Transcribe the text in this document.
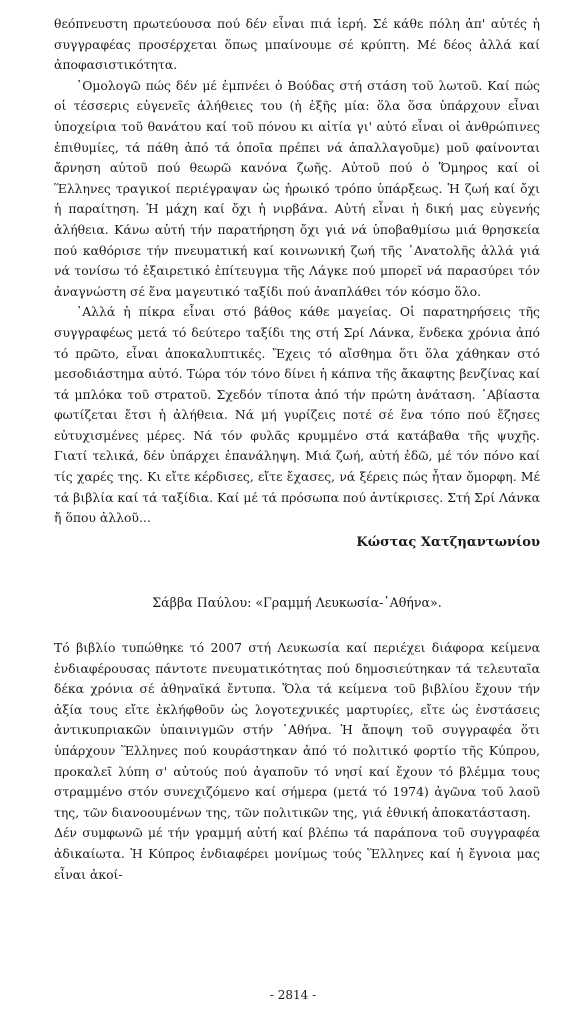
θεόπνευστη πρωτεύουσα πού δέν εἶναι πιά ἱερή. Σέ κάθε πόλη ἀπ' αὐτές ἡ συγγραφέας προσέρχεται ὅπως μπαίνουμε σέ κρύπτη. Μέ δέος ἀλλά καί ἀποφασιστικότητα.

᾿Ομολογῶ πώς δέν μέ ἐμπνέει ὁ Βούδας στή στάση τοῦ λωτοῦ. Καί πώς οἱ τέσσερις εὐγενεῖς ἀλήθειες του (ἡ ἑξῆς μία: ὅλα ὅσα ὑπάρχουν εἶναι ὑποχείρια τοῦ θανάτου καί τοῦ πόνου κι αἰτία γι' αὐτό εἶναι οἱ ἀνθρώπινες ἐπιθυμίες, τά πάθη ἀπό τά ὁποῖα πρέπει νά ἀπαλλαγοῦμε) μοῦ φαίνονται ἄρνηση αὐτοῦ πού θεωρῶ κανόνα ζωῆς. Αὐτοῦ πού ὁ Ὅμηρος καί οἱ Ἕλληνες τραγικοί περιέγραψαν ὡς ἡρωικό τρόπο ὑπάρξεως. Ἡ ζωή καί ὄχι ἡ παραίτηση. Ἡ μάχη καί ὄχι ἡ νιρβάνα. Αὐτή εἶναι ἡ δική μας εὐγενής ἀλήθεια. Κάνω αὐτή τήν παρατήρηση ὄχι γιά νά ὑποβαθμίσω μιά θρησκεία πού καθόρισε τήν πνευματική καί κοινωνική ζωή τῆς ᾿Ανατολῆς ἀλλά γιά νά τονίσω τό ἐξαιρετικό ἐπίτευγμα τῆς Λάγκε πού μπορεῖ νά παρασύρει τόν ἀναγνώστη σέ ἕνα μαγευτικό ταξίδι πού ἀναπλάθει τόν κόσμο ὅλο.

᾿Αλλά ἡ πίκρα εἶναι στό βάθος κάθε μαγείας. Οἱ παρατηρήσεις τῆς συγγραφέως μετά τό δεύτερο ταξίδι της στή Σρί Λάνκα, ἕνδεκα χρόνια ἀπό τό πρῶτο, εἶναι ἀποκαλυπτικές. Ἔχεις τό αἴσθημα ὅτι ὅλα χάθηκαν στό μεσοδιάστημα αὐτό. Τώρα τόν τόνο δίνει ἡ κάπνα τῆς ἄκαφτης βενζίνας καί τά μπλόκα τοῦ στρατοῦ. Σχεδόν τίποτα ἀπό τήν πρώτη ἀνάταση. ᾿Αβίαστα φωτίζεται ἔτσι ἡ ἀλήθεια. Νά μή γυρίζεις ποτέ σέ ἕνα τόπο πού ἔζησες εὐτυχισμένες μέρες. Νά τόν φυλᾶς κρυμμένο στά κατάβαθα τῆς ψυχῆς. Γιατί τελικά, δέν ὑπάρχει ἐπανάληψη. Μιά ζωή, αὐτή ἐδῶ, μέ τόν πόνο καί τίς χαρές της. Κι εἴτε κέρδισες, εἴτε ἔχασες, νά ξέρεις πώς ἦταν ὄμορφη. Μέ τά βιβλία καί τά ταξίδια. Καί μέ τά πρόσωπα πού ἀντίκρισες. Στή Σρί Λάνκα ἤ ὅπου ἀλλοῦ...

Κώστας Χατζηαντωνίου

Σάββα Παύλου: «Γραμμή Λευκωσία-᾿Αθήνα».

Τό βιβλίο τυπώθηκε τό 2007 στή Λευκωσία καί περιέχει διάφορα κείμενα ἐνδιαφέρουσας πάντοτε πνευματικότητας πού δημοσιεύτηκαν τά τελευταῖα δέκα χρόνια σέ ἀθηναϊκά ἔντυπα. Ὅλα τά κείμενα τοῦ βιβλίου ἔχουν τήν ἀξία τους εἴτε ἐκλήφθοῦν ὡς λογοτεχνικές μαρτυρίες, εἴτε ὡς ἐνστάσεις ἀντικυπριακῶν ὑπαινιγμῶν στήν ᾿Αθήνα. Ἡ ἄποψη τοῦ συγγραφέα ὅτι ὑπάρχουν Ἕλληνες πού κουράστηκαν ἀπό τό πολιτικό φορτίο τῆς Κύπρου, προκαλεῖ λύπη σ' αὐτούς πού ἀγαποῦν τό νησί καί ἔχουν τό βλέμμα τους στραμμένο στόν συνεχιζόμενο καί σήμερα (μετά τό 1974) ἀγῶνα τοῦ λαοῦ της, τῶν διανοουμένων της, τῶν πολιτικῶν της, γιά ἐθνική ἀποκατάσταση.

Δέν συμφωνῶ μέ τήν γραμμή αὐτή καί βλέπω τά παράπονα τοῦ συγγραφέα ἀδικαίωτα. Ἡ Κύπρος ἐνδιαφέρει μονίμως τούς Ἕλληνες καί ἡ ἔγνοια μας εἶναι ἀκοί-

- 2814 -
